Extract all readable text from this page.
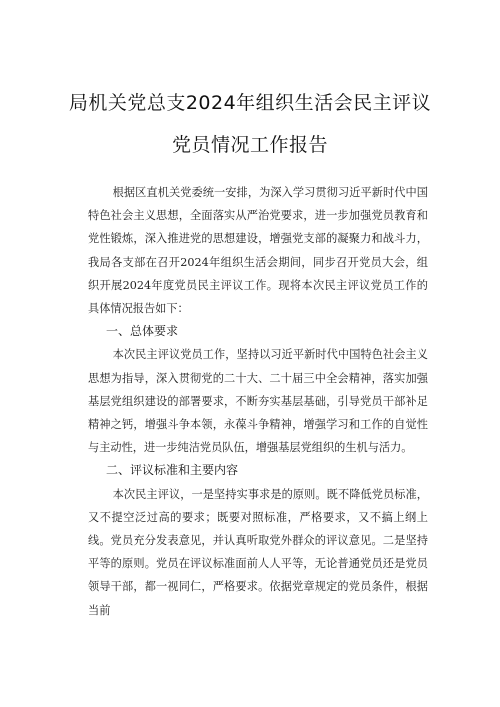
局机关党总支2024年组织生活会民主评议
党员情况工作报告

根据区直机关党委统一安排，为深入学习贯彻习近平新时代中国特色社会主义思想，全面落实从严治党要求，进一步加强党员教育和党性锻炼，深入推进党的思想建设，增强党支部的凝聚力和战斗力，我局各支部在召开2024年组织生活会期间，同步召开党员大会，组织开展2024年度党员民主评议工作。现将本次民主评议党员工作的具体情况报告如下：

一、总体要求

本次民主评议党员工作，坚持以习近平新时代中国特色社会主义思想为指导，深入贯彻党的二十大、二十届三中全会精神，落实加强基层党组织建设的部署要求，不断夯实基层基础，引导党员干部补足精神之钙，增强斗争本领，永葆斗争精神，增强学习和工作的自觉性与主动性，进一步纯洁党员队伍，增强基层党组织的生机与活力。

二、评议标准和主要内容

本次民主评议，一是坚持实事求是的原则。既不降低党员标准，又不提空泛过高的要求；既要对照标准，严格要求，又不搞上纲上线。党员充分发表意见，并认真听取党外群众的评议意见。二是坚持平等的原则。党员在评议标准面前人人平等，无论普通党员还是党员领导干部，都一视同仁，严格要求。依据党章规定的党员条件，根据当前
